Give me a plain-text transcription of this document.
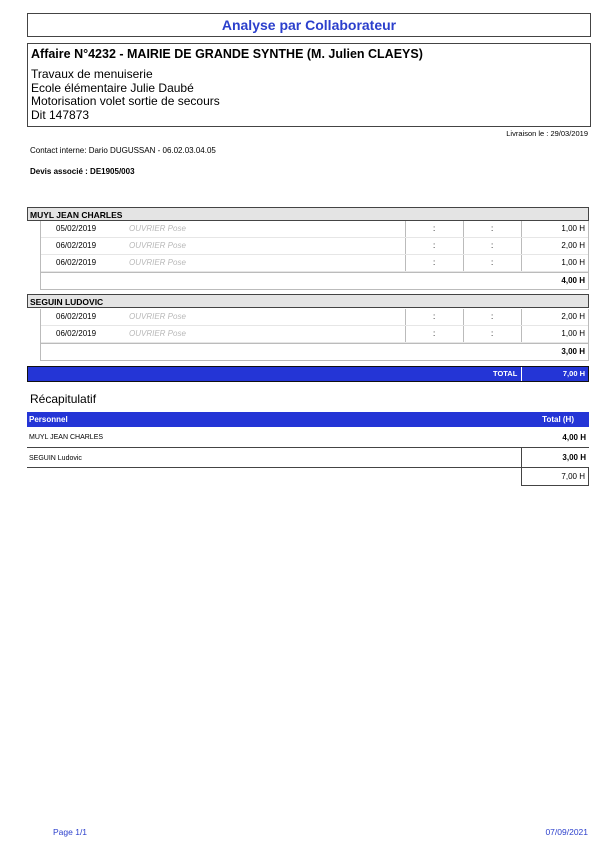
Analyse par Collaborateur
Affaire N°4232 - MAIRIE DE GRANDE SYNTHE (M. Julien CLAEYS)
Travaux de menuiserie
Ecole élémentaire Julie Daubé
Motorisation volet sortie de secours
Dit 147873
Livraison le : 29/03/2019
Contact interne: Dario DUGUSSAN - 06.02.03.04.05
Devis associé : DE1905/003
MUYL JEAN CHARLES
05/02/2019	OUVRIER Pose	:	:	1,00 H
06/02/2019	OUVRIER Pose	:	:	2,00 H
06/02/2019	OUVRIER Pose	:	:	1,00 H
4,00 H
SEGUIN LUDOVIC
06/02/2019	OUVRIER Pose	:	:	2,00 H
06/02/2019	OUVRIER Pose	:	:	1,00 H
3,00 H
TOTAL	7,00 H
Récapitulatif
Personnel	Total (H)
MUYL JEAN CHARLES	4,00 H
SEGUIN Ludovic	3,00 H
7,00 H
Page 1/1	07/09/2021
